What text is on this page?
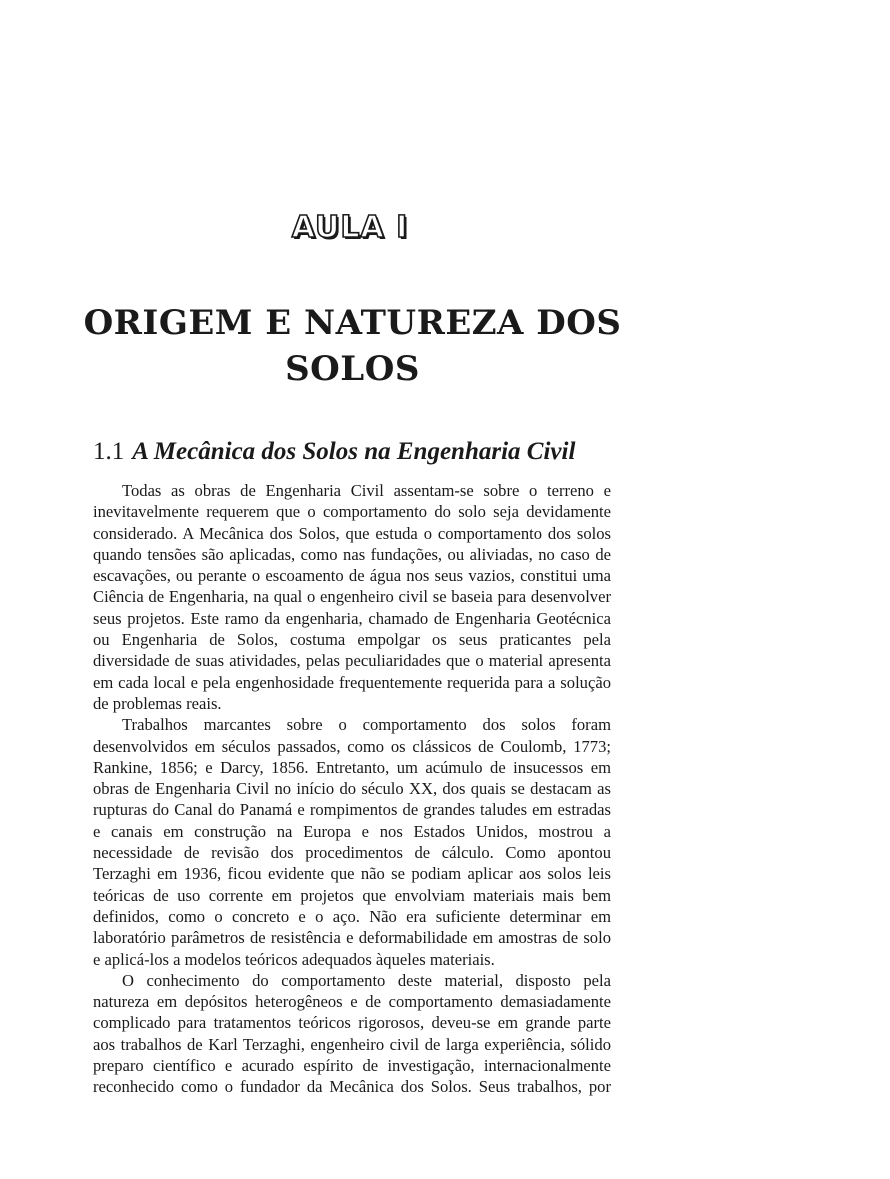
AULA I
ORIGEM E NATUREZA DOS
SOLOS
1.1 A Mecânica dos Solos na Engenharia Civil

Todas as obras de Engenharia Civil assentam-se sobre o terreno e inevitavelmente requerem que o comportamento do solo seja devidamente considerado. A Mecânica dos Solos, que estuda o comportamento dos solos quando tensões são aplicadas, como nas fundações, ou aliviadas, no caso de escavações, ou perante o escoamento de água nos seus vazios, constitui uma Ciência de Engenharia, na qual o engenheiro civil se baseia para desenvolver seus projetos. Este ramo da engenharia, chamado de Engenharia Geotécnica ou Engenharia de Solos, costuma empolgar os seus praticantes pela diversidade de suas atividades, pelas peculiaridades que o material apresenta em cada local e pela engenhosidade frequentemente requerida para a solução de problemas reais.

Trabalhos marcantes sobre o comportamento dos solos foram desenvolvidos em séculos passados, como os clássicos de Coulomb, 1773; Rankine, 1856; e Darcy, 1856. Entretanto, um acúmulo de insucessos em obras de Engenharia Civil no início do século XX, dos quais se destacam as rupturas do Canal do Panamá e rompimentos de grandes taludes em estradas e canais em construção na Europa e nos Estados Unidos, mostrou a necessidade de revisão dos procedimentos de cálculo. Como apontou Terzaghi em 1936, ficou evidente que não se podiam aplicar aos solos leis teóricas de uso corrente em projetos que envolviam materiais mais bem definidos, como o concreto e o aço. Não era suficiente determinar em laboratório parâmetros de resistência e deformabilidade em amostras de solo e aplicá-los a modelos teóricos adequados àqueles materiais.

O conhecimento do comportamento deste material, disposto pela natureza em depósitos heterogêneos e de comportamento demasiadamente complicado para tratamentos teóricos rigorosos, deveu-se em grande parte aos trabalhos de Karl Terzaghi, engenheiro civil de larga experiência, sólido preparo científico e acurado espírito de investigação, internacionalmente reconhecido como o fundador da Mecânica dos Solos. Seus trabalhos, por
